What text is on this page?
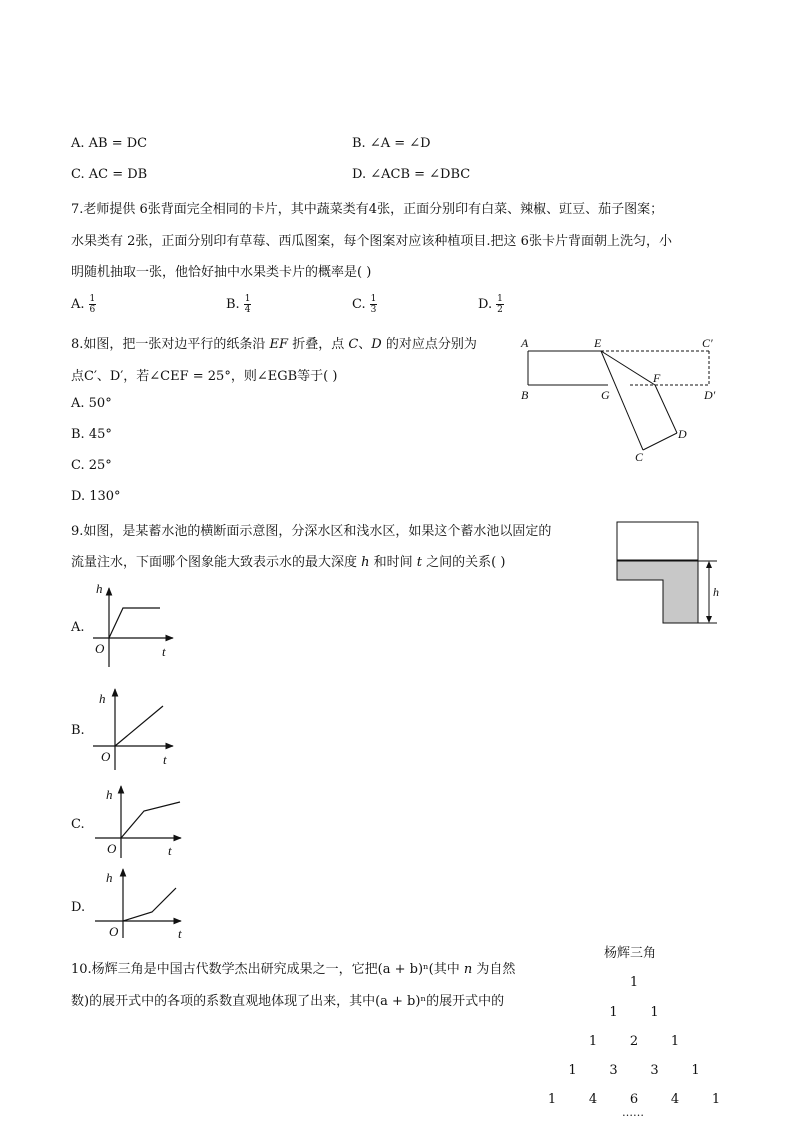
A. AB = DC	B. ∠A = ∠D
C. AC = DB	D. ∠ACB = ∠DBC
7.老师提供 6张背面完全相同的卡片，其中蔬菜类有4张，正面分别印有白菜、辣椒、豇豆、茄子图案；
水果类有 2张，正面分别印有草莓、西瓜图案，每个图案对应该种植项目.把这 6张卡片背面朝上洗匀，小
明随机抽取一张，他恰好抽中水果类卡片的概率是( )
A. $\frac{1}{6}$	B. $\frac{1}{4}$	C. $\frac{1}{3}$	D. $\frac{1}{2}$
8.如图，把一张对边平行的纸条沿 EF 折叠，点 C、D 的对应点分别为
点C′、D′，若∠CEF = 25°，则∠EGB等于( )
A. 50°
B. 45°
C. 25°
D. 130°
A	E	C′
B	G
F
D′
D
C
9.如图，是某蓄水池的横断面示意图，分深水区和浅水区，如果这个蓄水池以固定的
流量注水，下面哪个图象能大致表示水的最大深度 h 和时间 t 之间的关系( )
h
h
O	t
h
O	t
h
O	t
h
O	t
A.
B.
C.
D.
10.杨辉三角是中国古代数学杰出研究成果之一，它把(a + b)ⁿ(其中 n 为自然
数)的展开式中的各项的系数直观地体现了出来，其中(a + b)ⁿ的展开式中的
杨辉三角
1
1	1
1	2	1
1	3	3	1
1	4	6	4	1
……
